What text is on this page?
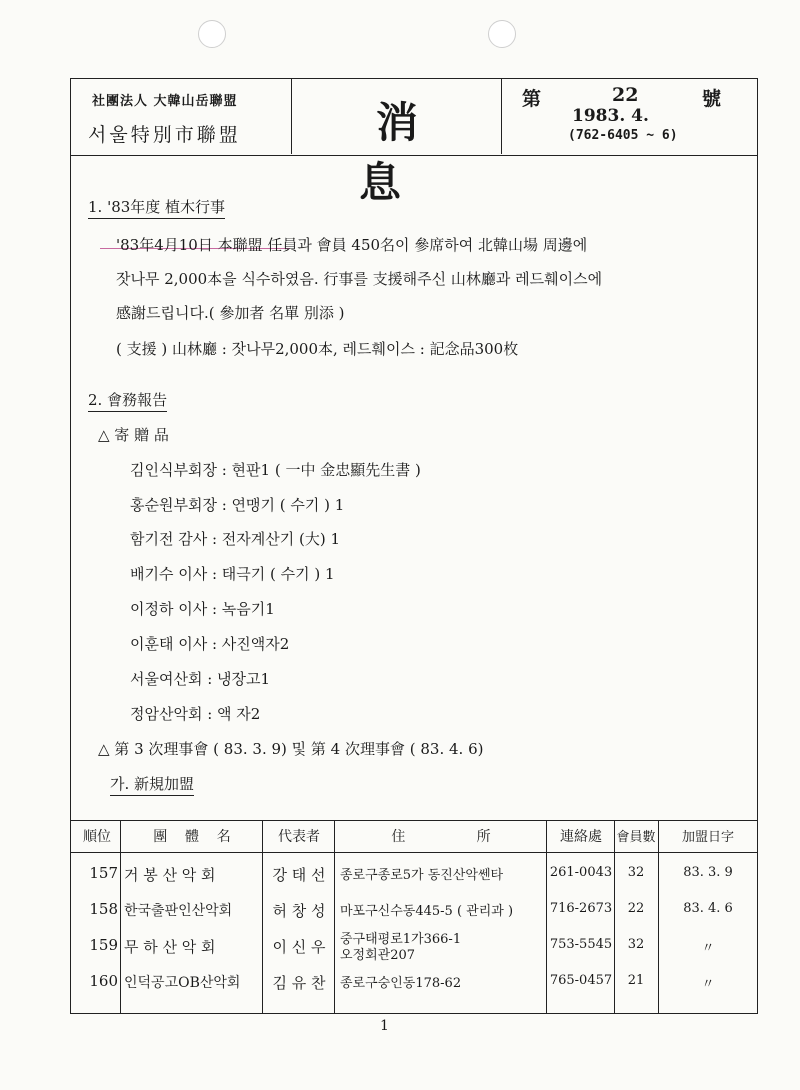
社團法人 大韓山岳聯盟
서울特別市聯盟	消 息
第	22	號
1983. 4.
(762-6405 ~ 6)
1. '83年度 植木行事
'83年4月10日 本聯盟 任員과 會員 450名이 參席하여 北韓山場 周邊에
잣나무 2,000本을 식수하였음. 行事를 支援해주신 山林廳과 레드훼이스에
感謝드립니다.( 參加者 名單 別添 )
( 支援 ) 山林廳 : 잣나무2,000本, 레드훼이스 : 記念品300枚
2. 會務報告
△ 寄 贈 品
김인식부회장 : 현판1 ( 一中 金忠顯先生書 )
홍순원부회장 : 연맹기 ( 수기 ) 1
함기전 감사 : 전자계산기 (大) 1
배기수 이사 : 태극기 ( 수기 ) 1
이정하 이사 : 녹음기1
이훈태 이사 : 사진액자2
서울여산회 : 냉장고1
정암산악회 : 액 자2
△ 第 3 次理事會 ( 83. 3. 9) 및 第 4 次理事會 ( 83. 4. 6)
가. 新規加盟
順位	團    體    名	代表者	住                所	連絡處	會員數	加盟日字
157 거 봉 산 악 회	강 태 선	종로구종로5가 동진산악쎈타	261-0043	32	83. 3. 9
158 한국출판인산악회	허 창 성	마포구신수동445-5 ( 관리과 )	716-2673	22	83. 4. 6
159 무 하 산 악 회	이 신 우	중구태평로1가366-1
오정회관207
753-5545	32	〃
160 인덕공고OB산악회	김 유 찬	종로구숭인동178-62	765-0457	21	〃
1
